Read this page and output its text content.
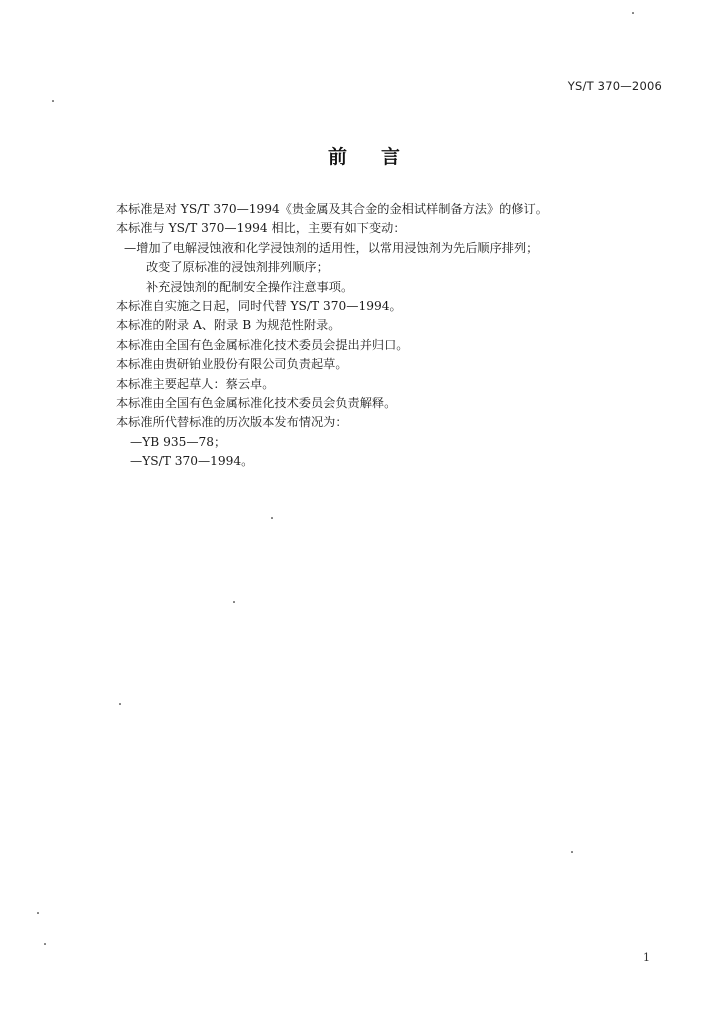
YS/T 370—2006
前言
本标准是对 YS/T 370—1994《贵金属及其合金的金相试样制备方法》的修订。
本标准与 YS/T 370—1994 相比，主要有如下变动：
—增加了电解浸蚀液和化学浸蚀剂的适用性，以常用浸蚀剂为先后顺序排列；
改变了原标准的浸蚀剂排列顺序；
补充浸蚀剂的配制安全操作注意事项。
本标准自实施之日起，同时代替 YS/T 370—1994。
本标准的附录 A、附录 B 为规范性附录。
本标准由全国有色金属标准化技术委员会提出并归口。
本标准由贵研铂业股份有限公司负责起草。
本标准主要起草人：蔡云卓。
本标准由全国有色金属标准化技术委员会负责解释。
本标准所代替标准的历次版本发布情况为：
—YB 935—78；
—YS/T 370—1994。
1
